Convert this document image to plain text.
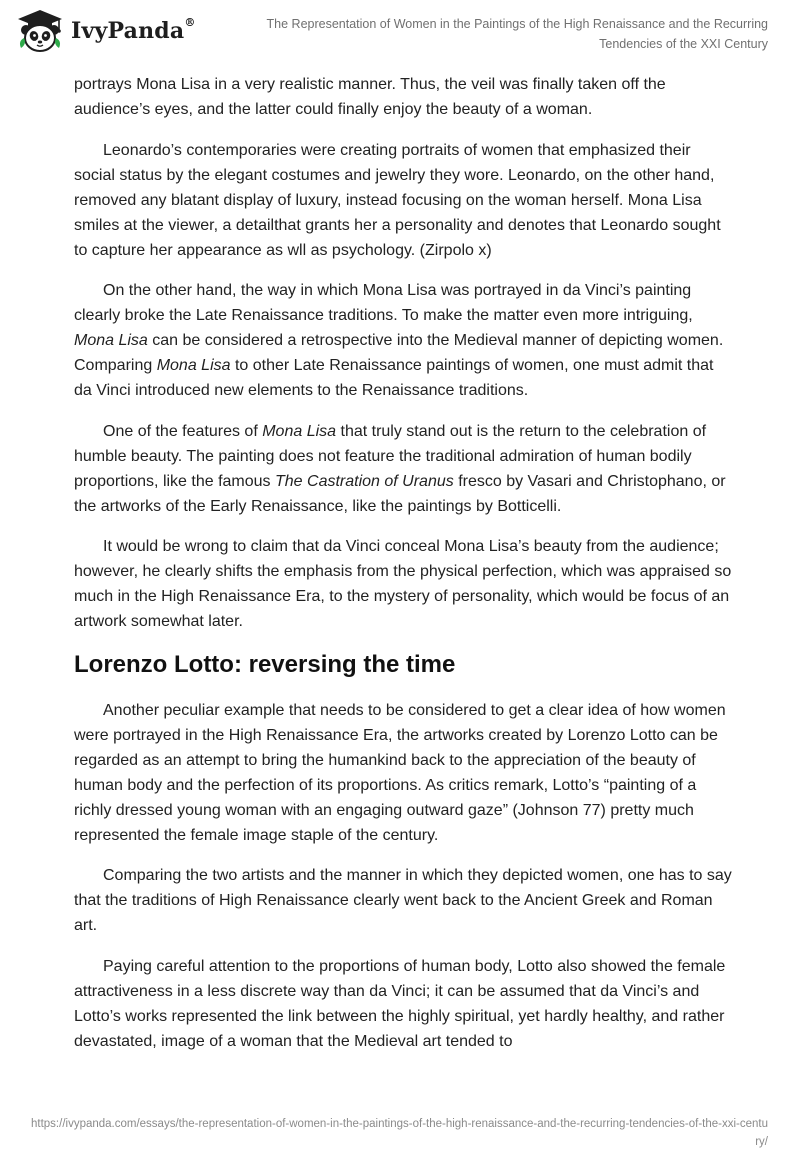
IvyPanda®	The Representation of Women in the Paintings of the High Renaissance and the Recurring
Tendencies of the XXI Century

portrays Mona Lisa in a very realistic manner. Thus, the veil was finally taken off the audience’s eyes, and the latter could finally enjoy the beauty of a woman.

Leonardo’s contemporaries were creating portraits of women that emphasized their social status by the elegant costumes and jewelry they wore. Leonardo, on the other hand, removed any blatant display of luxury, instead focusing on the woman herself. Mona Lisa smiles at the viewer, a detailthat grants her a personality and denotes that Leonardo sought to capture her appearance as wll as psychology. (Zirpolo x)

On the other hand, the way in which Mona Lisa was portrayed in da Vinci’s painting clearly broke the Late Renaissance traditions. To make the matter even more intriguing, Mona Lisa can be considered a retrospective into the Medieval manner of depicting women. Comparing Mona Lisa to other Late Renaissance paintings of women, one must admit that da Vinci introduced new elements to the Renaissance traditions.

One of the features of Mona Lisa that truly stand out is the return to the celebration of humble beauty. The painting does not feature the traditional admiration of human bodily proportions, like the famous The Castration of Uranus fresco by Vasari and Christophano, or the artworks of the Early Renaissance, like the paintings by Botticelli.

It would be wrong to claim that da Vinci conceal Mona Lisa’s beauty from the audience; however, he clearly shifts the emphasis from the physical perfection, which was appraised so much in the High Renaissance Era, to the mystery of personality, which would be focus of an artwork somewhat later.

Lorenzo Lotto: reversing the time

Another peculiar example that needs to be considered to get a clear idea of how women were portrayed in the High Renaissance Era, the artworks created by Lorenzo Lotto can be regarded as an attempt to bring the humankind back to the appreciation of the beauty of human body and the perfection of its proportions. As critics remark, Lotto’s “painting of a richly dressed young woman with an engaging outward gaze” (Johnson 77) pretty much represented the female image staple of the century.

Comparing the two artists and the manner in which they depicted women, one has to say that the traditions of High Renaissance clearly went back to the Ancient Greek and Roman art.

Paying careful attention to the proportions of human body, Lotto also showed the female attractiveness in a less discrete way than da Vinci; it can be assumed that da Vinci’s and Lotto’s works represented the link between the highly spiritual, yet hardly healthy, and rather devastated, image of a woman that the Medieval art tended to

https://ivypanda.com/essays/the-representation-of-women-in-the-paintings-of-the-high-renaissance-and-the-recurring-tendencies-of-the-xxi-century/
